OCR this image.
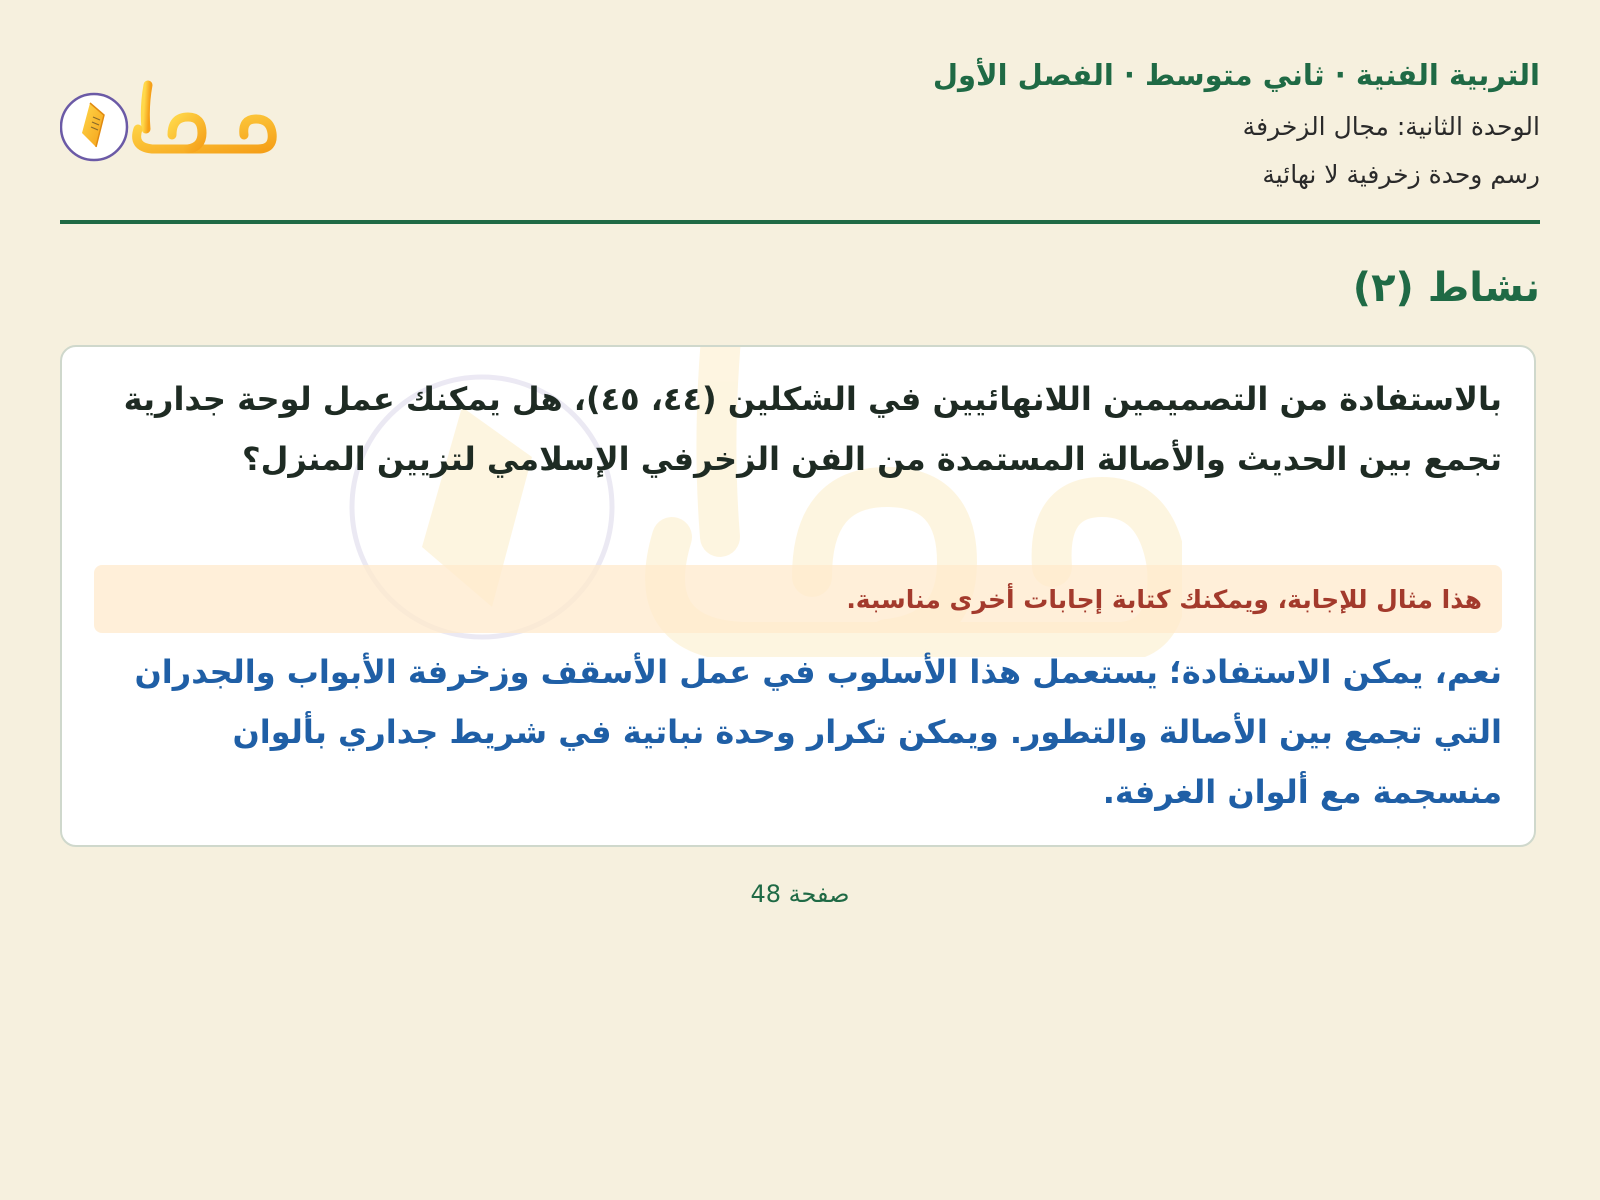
التربية الفنية · ثاني متوسط · الفصل الأول

الوحدة الثانية: مجال الزخرفة

رسم وحدة زخرفية لا نهائية

نشاط (٢)

بالاستفادة من التصميمين اللانهائيين في الشكلين (٤٤، ٤٥)، هل يمكنك عمل لوحة جدارية تجمع بين الحديث والأصالة المستمدة من الفن الزخرفي الإسلامي لتزيين المنزل؟

هذا مثال للإجابة، ويمكنك كتابة إجابات أخرى مناسبة.

نعم، يمكن الاستفادة؛ يستعمل هذا الأسلوب في عمل الأسقف وزخرفة الأبواب والجدران التي تجمع بين الأصالة والتطور. ويمكن تكرار وحدة نباتية في شريط جداري بألوان منسجمة مع ألوان الغرفة.

صفحة 48
